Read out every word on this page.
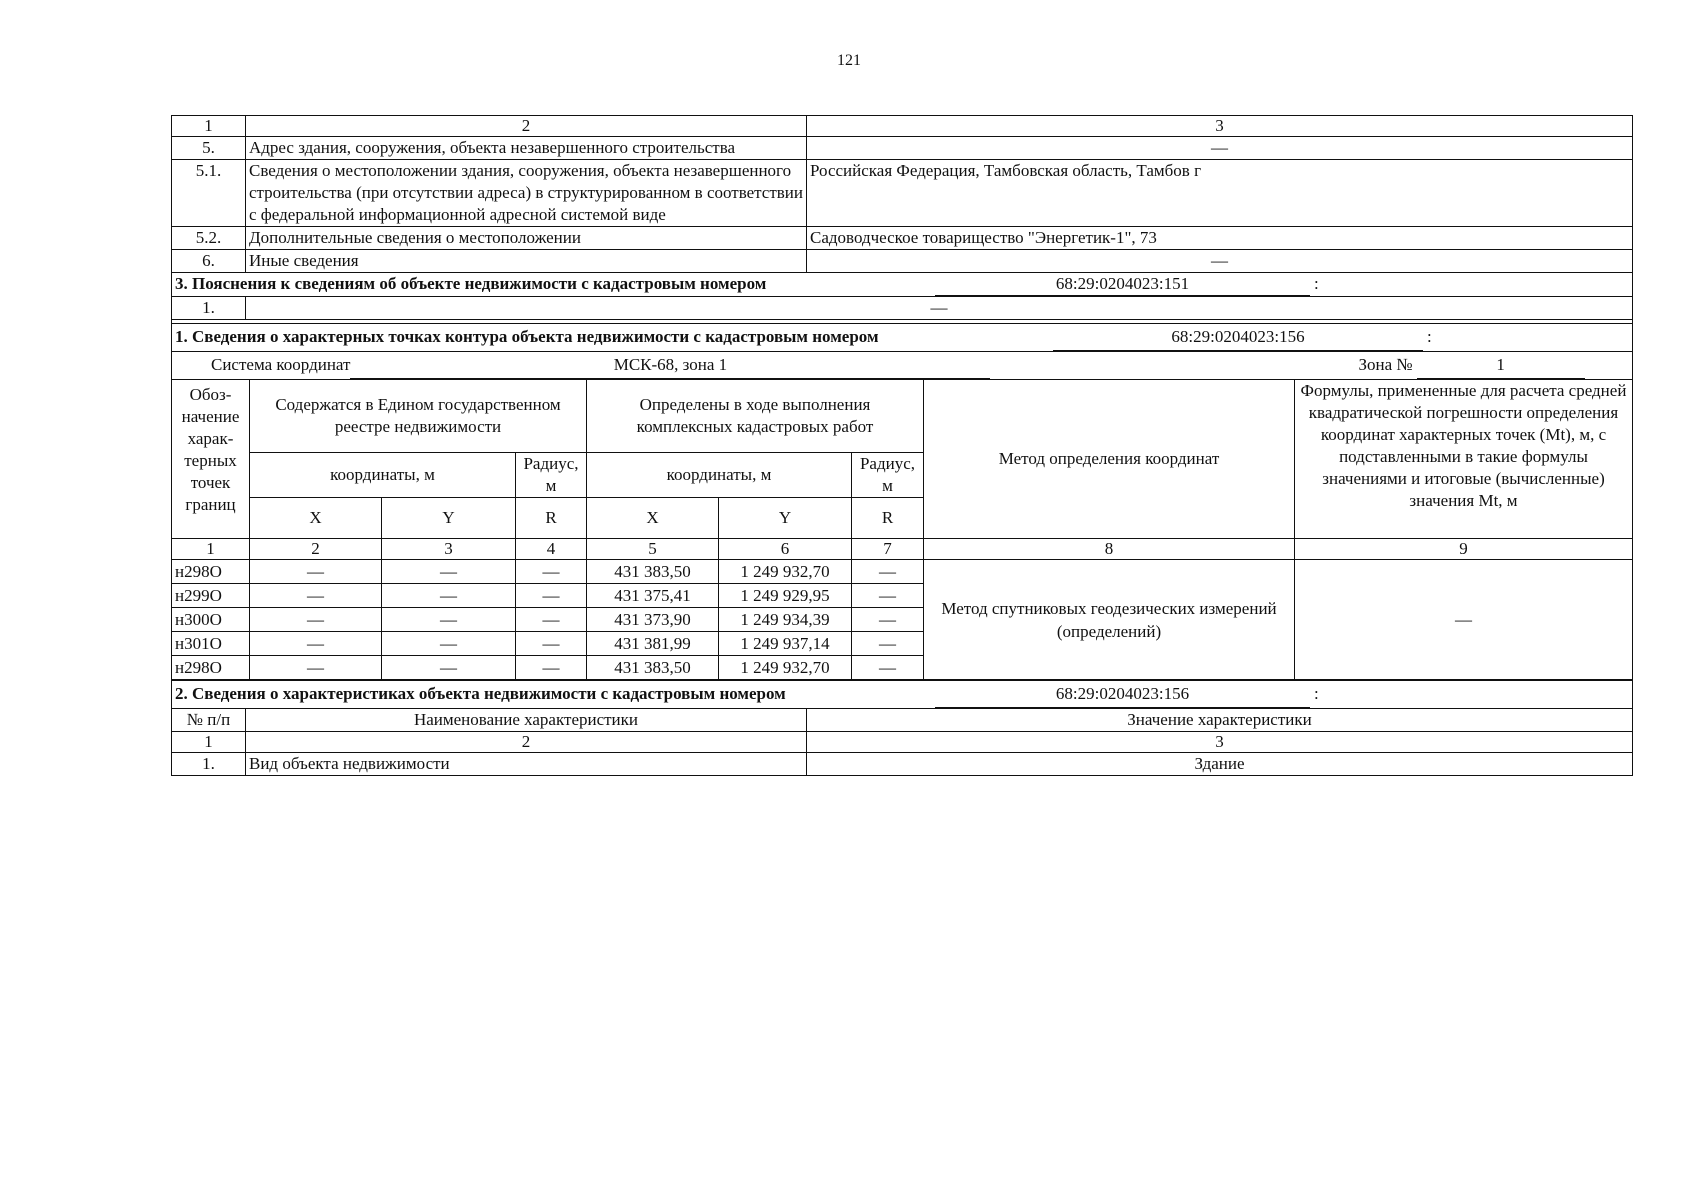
121
1	2	3
5.	Адрес здания, сооружения, объекта незавершенного строительства	—
5.1.	Сведения о местоположении здания, сооружения, объекта незавершенного строительства (при отсутствии адреса) в структурированном в соответствии с федеральной информационной адресной системой виде	Российская Федерация, Тамбовская область, Тамбов г
5.2.	Дополнительные сведения о местоположении	Садоводческое товарищество "Энергетик-1", 73
6.	Иные сведения	—
3. Пояснения к сведениям об объекте недвижимости с кадастровым номером 68:29:0204023:151 :		
1.	—	
1. Сведения о характерных точках контура объекта недвижимости с кадастровым номером 68:29:0204023:156 :								
Система координат МСК-68, зона 1 Зона № 1								
Обоз-начение харак-терных точек границ	Содержатся в Едином государственном реестре недвижимости			Определены в ходе выполнения комплексных кадастровых работ			Метод определения координат	Формулы, примененные для расчета средней квадратической погрешности определения координат характерных точек (Mt), м, с подставленными в такие формулы значениями и итоговые (вычисленные) значения Mt, м
	координаты, м		Радиус, м	координаты, м		Радиус, м		
	X	Y	R	X	Y	R		
1	2	3	4	5	6	7	8	9
н298О	—	—	—	431 383,50	1 249 932,70	—	Метод спутниковых геодезических измерений (определений)	—
н299О	—	—	—	431 375,41	1 249 929,95	—		
н300О	—	—	—	431 373,90	1 249 934,39	—		
н301О	—	—	—	431 381,99	1 249 937,14	—		
н298О	—	—	—	431 383,50	1 249 932,70	—		
2. Сведения о характеристиках объекта недвижимости с кадастровым номером 68:29:0204023:156 :		
№ п/п	Наименование характеристики	Значение характеристики
1	2	3
1.	Вид объекта недвижимости	Здание
